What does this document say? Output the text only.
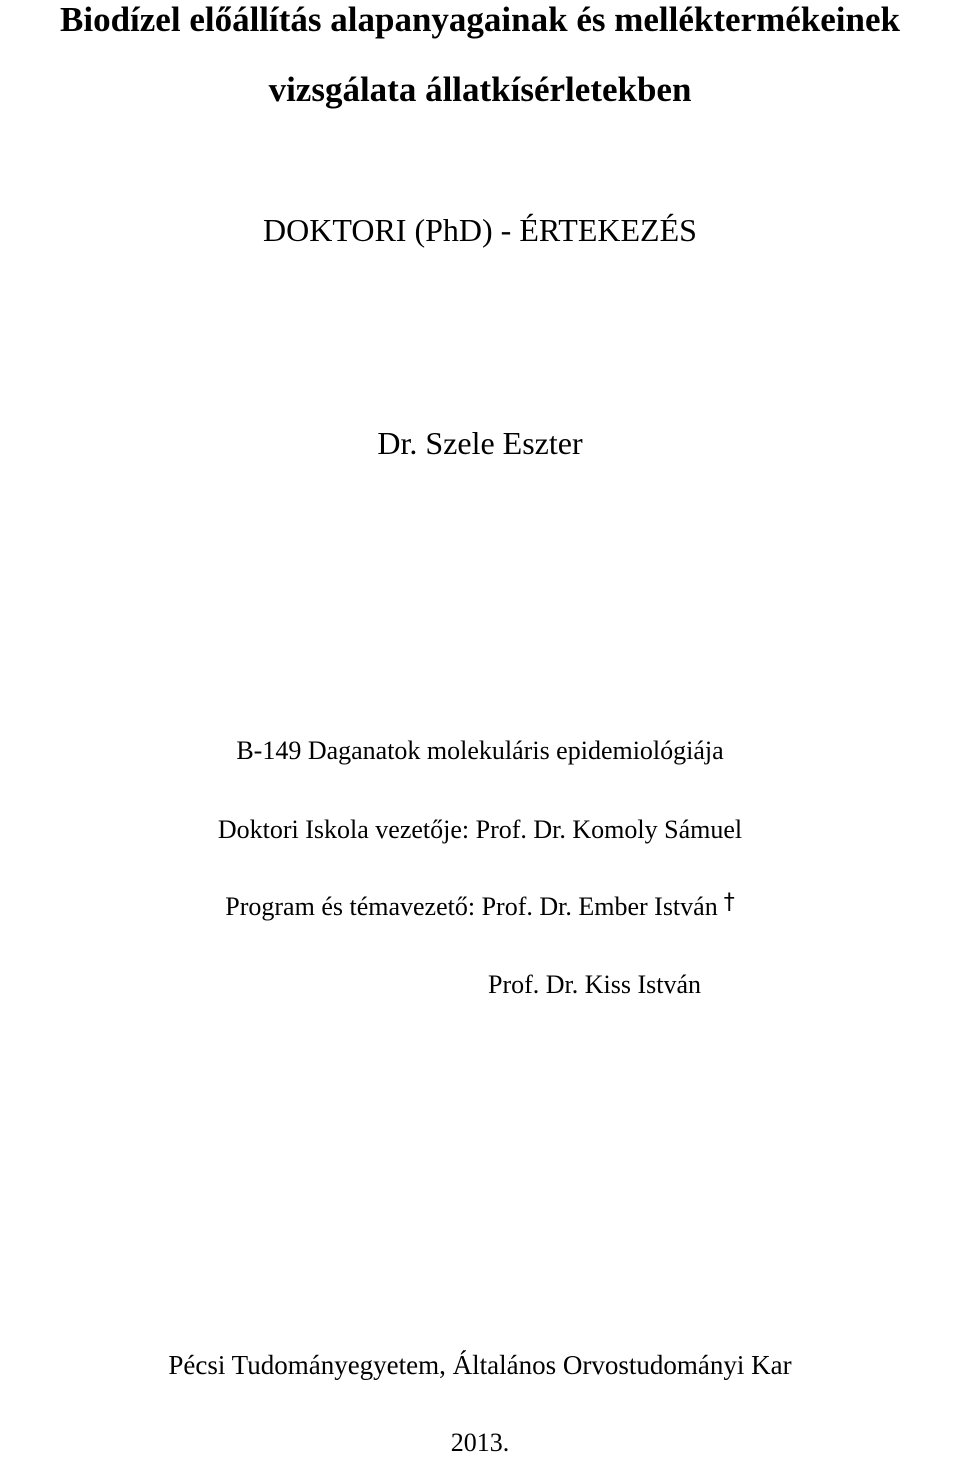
Biodízel előállítás alapanyagainak és melléktermékeinek
vizsgálata állatkísérletekben
DOKTORI (PhD) - ÉRTEKEZÉS
Dr. Szele Eszter
B-149 Daganatok molekuláris epidemiológiája
Doktori Iskola vezetője: Prof. Dr. Komoly Sámuel
Program és témavezető: Prof. Dr. Ember István †
Prof. Dr. Kiss István
Pécsi Tudományegyetem, Általános Orvostudományi Kar
2013.
